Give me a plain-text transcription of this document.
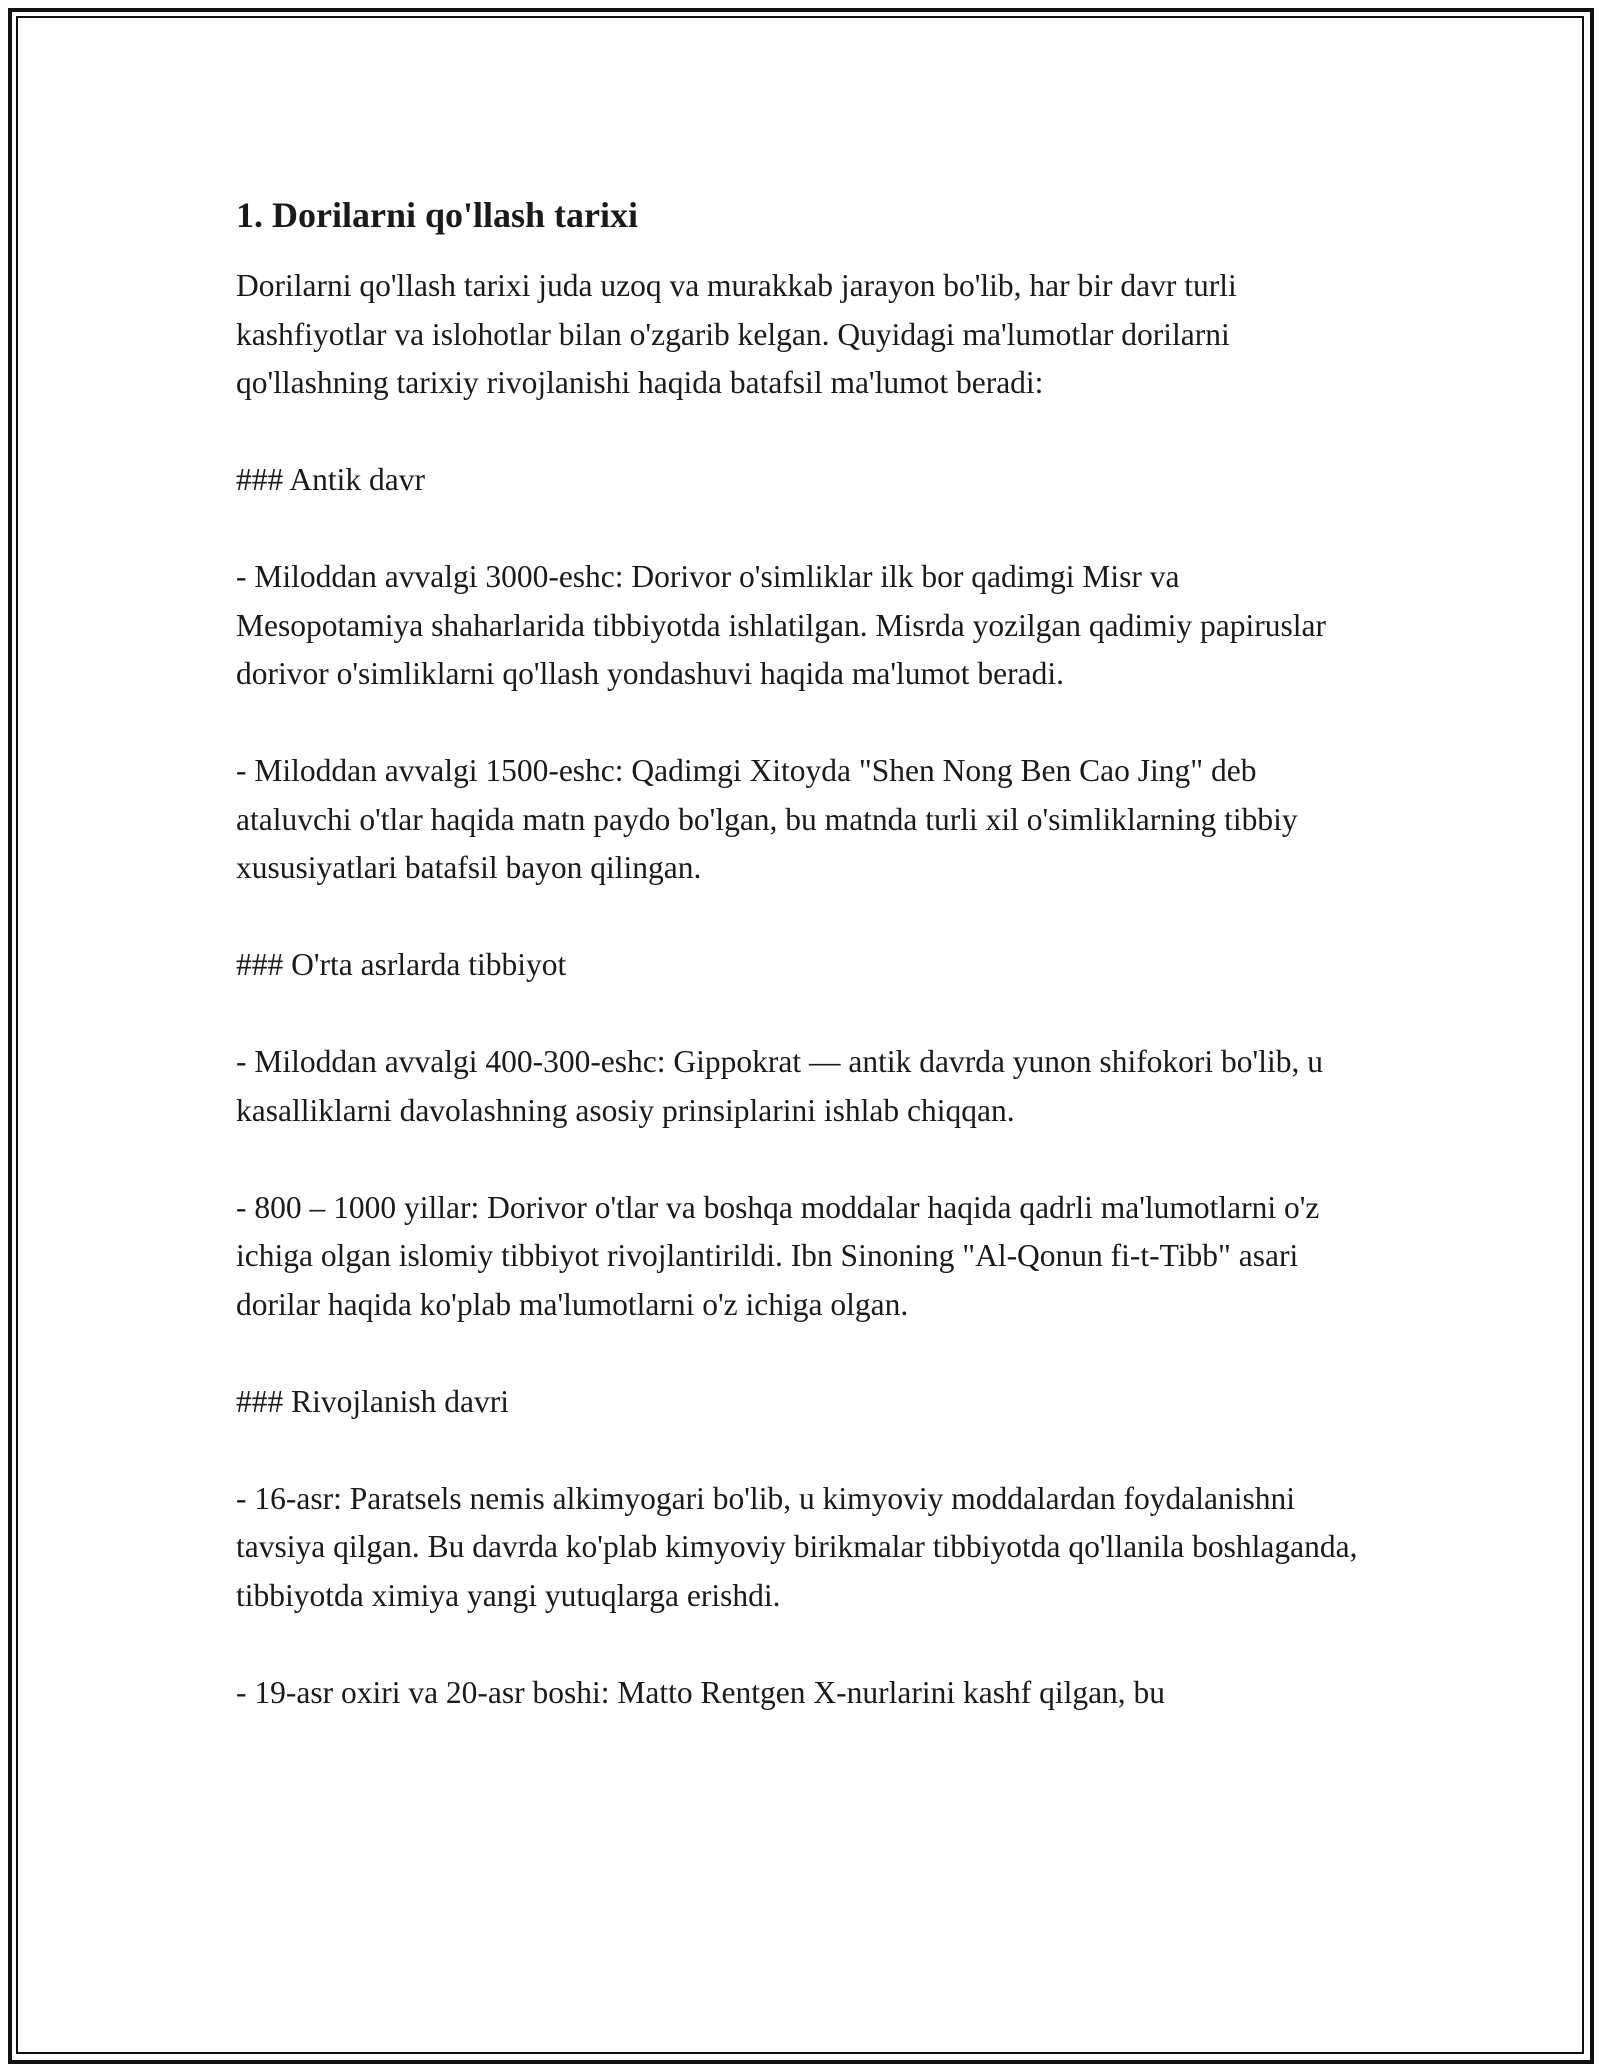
1. Dorilarni qo'llash tarixi

Dorilarni qo'llash tarixi juda uzoq va murakkab jarayon bo'lib, har bir davr turli kashfiyotlar va islohotlar bilan o'zgarib kelgan. Quyidagi ma'lumotlar dorilarni qo'llashning tarixiy rivojlanishi haqida batafsil ma'lumot beradi:

### Antik davr

- Miloddan avvalgi 3000-eshc: Dorivor o'simliklar ilk bor qadimgi Misr va Mesopotamiya shaharlarida tibbiyotda ishlatilgan. Misrda yozilgan qadimiy papiruslar dorivor o'simliklarni qo'llash yondashuvi haqida ma'lumot beradi.

- Miloddan avvalgi 1500-eshc: Qadimgi Xitoyda "Shen Nong Ben Cao Jing" deb ataluvchi o'tlar haqida matn paydo bo'lgan, bu matnda turli xil o'simliklarning tibbiy xususiyatlari batafsil bayon qilingan.

### O'rta asrlarda tibbiyot

- Miloddan avvalgi 400-300-eshc: Gippokrat — antik davrda yunon shifokori bo'lib, u kasalliklarni davolashning asosiy prinsiplarini ishlab chiqqan.

- 800 – 1000 yillar: Dorivor o'tlar va boshqa moddalar haqida qadrli ma'lumotlarni o'z ichiga olgan islomiy tibbiyot rivojlantirildi. Ibn Sinoning "Al-Qonun fi-t-Tibb" asari dorilar haqida ko'plab ma'lumotlarni o'z ichiga olgan.

### Rivojlanish davri

- 16-asr: Paratsels nemis alkimyogari bo'lib, u kimyoviy moddalardan foydalanishni tavsiya qilgan. Bu davrda ko'plab kimyoviy birikmalar tibbiyotda qo'llanila boshlaganda, tibbiyotda ximiya yangi yutuqlarga erishdi.

- 19-asr oxiri va 20-asr boshi: Matto Rentgen X-nurlarini kashf qilgan, bu
